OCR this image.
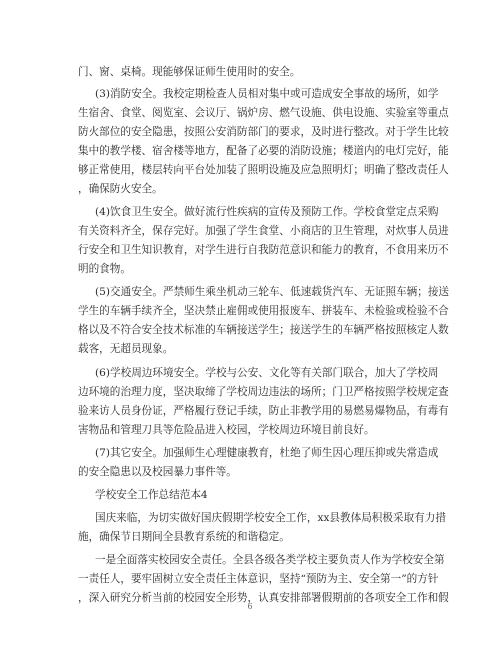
门、窗、桌椅。现能够保证师生使用时的安全。
(3)消防安全。我校定期检查人员相对集中或可造成安全事故的场所，如学
生宿舍、食堂、阅览室、会议厅、锅炉房、燃气设施、供电设施、实验室等重点
防火部位的安全隐患，按照公安消防部门的要求，及时进行整改。对于学生比较
集中的教学楼、宿舍楼等地方，配备了必要的消防设施；楼道内的电灯完好，能
够正常使用，楼层转向平台处加装了照明设施及应急照明灯；明确了整改责任人
，确保防火安全。
(4)饮食卫生安全。做好流行性疾病的宣传及预防工作。学校食堂定点采购
有关资料齐全，保存完好。加强了学生食堂、小商店的卫生管理，对炊事人员进
行安全和卫生知识教育，对学生进行自我防范意识和能力的教育，不食用来历不
明的食物。
(5)交通安全。严禁师生乘坐机动三轮车、低速载货汽车、无证照车辆；接送
学生的车辆手续齐全，坚决禁止雇佣或使用报废车、拼装车、未检验或检验不合
格以及不符合安全技术标准的车辆接送学生；接送学生的车辆严格按照核定人数
载客，无超员现象。
(6)学校周边环境安全。学校与公安、文化等有关部门联合，加大了学校周
边环境的治理力度，坚决取缔了学校周边违法的场所；门卫严格按照学校规定查
验来访人员身份证，严格履行登记手续，防止非教学用的易燃易爆物品，有毒有
害物品和管理刀具等危险品进入校园，学校周边环境目前良好。
(7)其它安全。加强师生心理健康教育，杜绝了师生因心理压抑或失常造成
的安全隐患以及校园暴力事件等。
学校安全工作总结范本4
国庆来临，为切实做好国庆假期学校安全工作，xx县教体局积极采取有力措
施，确保节日期间全县教育系统的和谐稳定。
一是全面落实校园安全责任。全县各级各类学校主要负责人作为学校安全第
一责任人，要牢固树立安全责任主体意识，坚持“预防为主、安全第一”的方针
，深入研究分析当前的校园安全形势，认真安排部署假期前的各项安全工作和假
6
